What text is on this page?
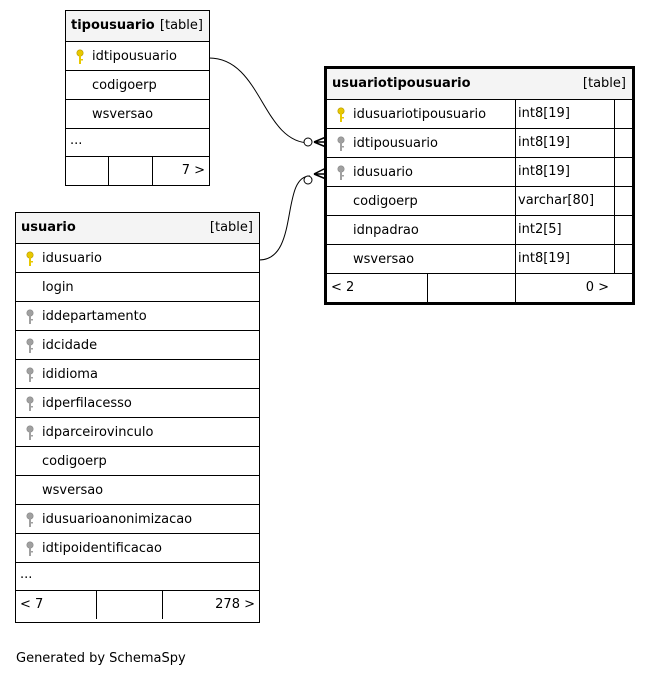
tipousuario [table]
idtipousuario
codigoerp
wsversao
...
7 >
usuario	[table]
idusuario
login
iddepartamento
idcidade
ididioma
idperfilacesso
idparceirovinculo
codigoerp
wsversao
idusuarioanonimizacao
idtipoidentificacao
...
< 7	278 >
usuariotipousuario	[table]
idusuariotipousuario int8[19]
idtipousuario	int8[19]
idusuario	int8[19]
codigoerp	varchar[80]
idnpadrao	int2[5]
wsversao	int8[19]
< 2	0 >
Generated by SchemaSpy
